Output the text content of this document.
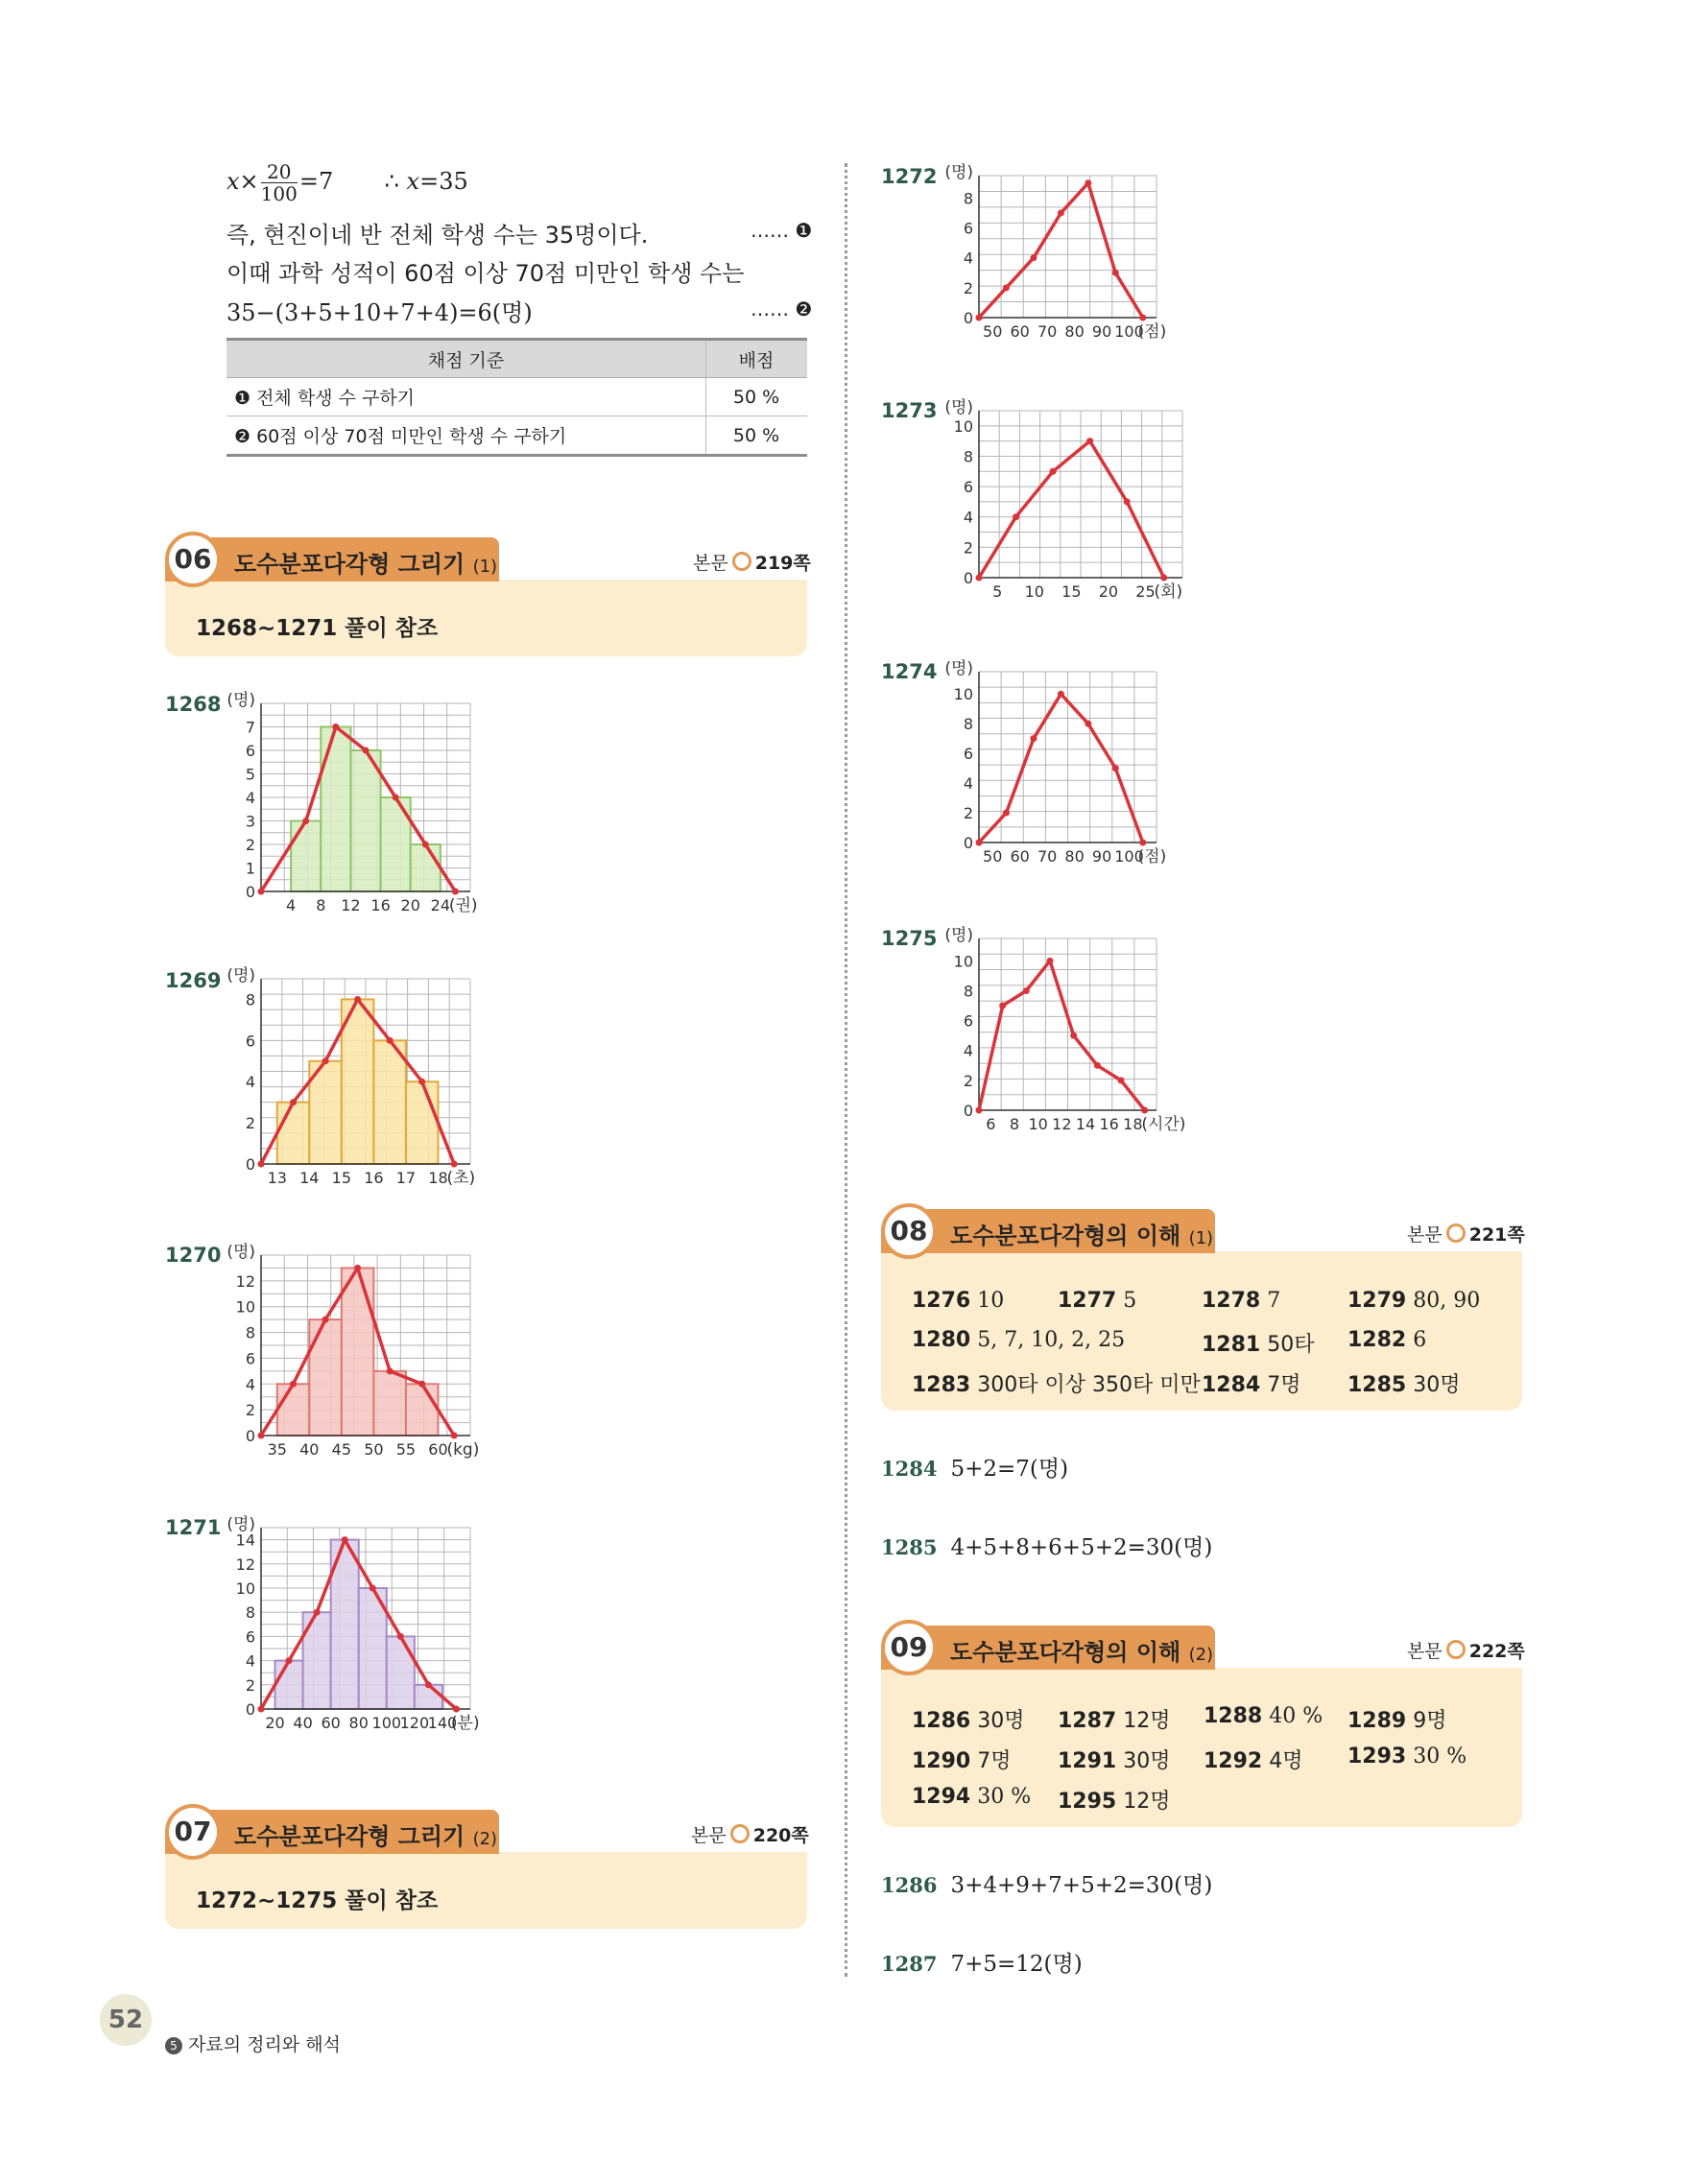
$x\times \frac{20}{100} =7$       ∴ x=35
즉, 현진이네 반 전체 학생 수는 35명이다.	…… ❶
이때 과학 성적이 60점 이상 70점 미만인 학생 수는
35−(3+5+10+7+4)=6(명)	…… ❷
채점 기준	배점
❶ 전체 학생 수 구하기	50 %
❷ 60점 이상 70점 미만인 학생 수 구하기	50 %
06 도수분포다각형 그리기 (1)	본문 219쪽
1268~1271 풀이 참조
07 도수분포다각형 그리기 (2)	본문 220쪽
1272~1275 풀이 참조
08 도수분포다각형의 이해 (1)	본문 221쪽
1276 10	1277 5	1278 7	1279 80, 90
1280 5, 7, 10, 2, 25	1281 50타 1282 6
1283 300타 이상 350타 미만 1284 7명 1285 30명
1284 5+2=7(명)
1285 4+5+8+6+5+2=30(명)
09 도수분포다각형의 이해 (2)	본문 222쪽
1286 30명 1287 12명 1288 40 % 1289 9명
1290 7명 1291 30명 1292 4명 1293 30 %
1294 30 % 1295 12명
1286 3+4+9+7+5+2=30(명)
1287 7+5=12(명)
1268
1269
1270
1271
1272
1273
1274
1275
0
1
2
3
4
5
6
7
4 8 12 16 20 24
(권)
(명)
0
2
4
6
8
13 14 15 16 17 18
(초)
(명)
0
2
4
6
8
10
12
35 40 45 50 55 60
(kg)
(명)
0
2
4
6
8
10
12
14
20 40 60 80 100
120
140
(분)
(명)
0
2
4
6
8
50 60 70 80 90 100
(점)
(명)
0
2
4
6
8
10
5 10 15 20 25
(회)
(명)
0
2
4
6
8
10
50 60 70 80 90 100
(점)
(명)
0
2
4
6
8
10
6 8 10 12 14 16 18
(시간)
(명)
52
5 자료의 정리와 해석
